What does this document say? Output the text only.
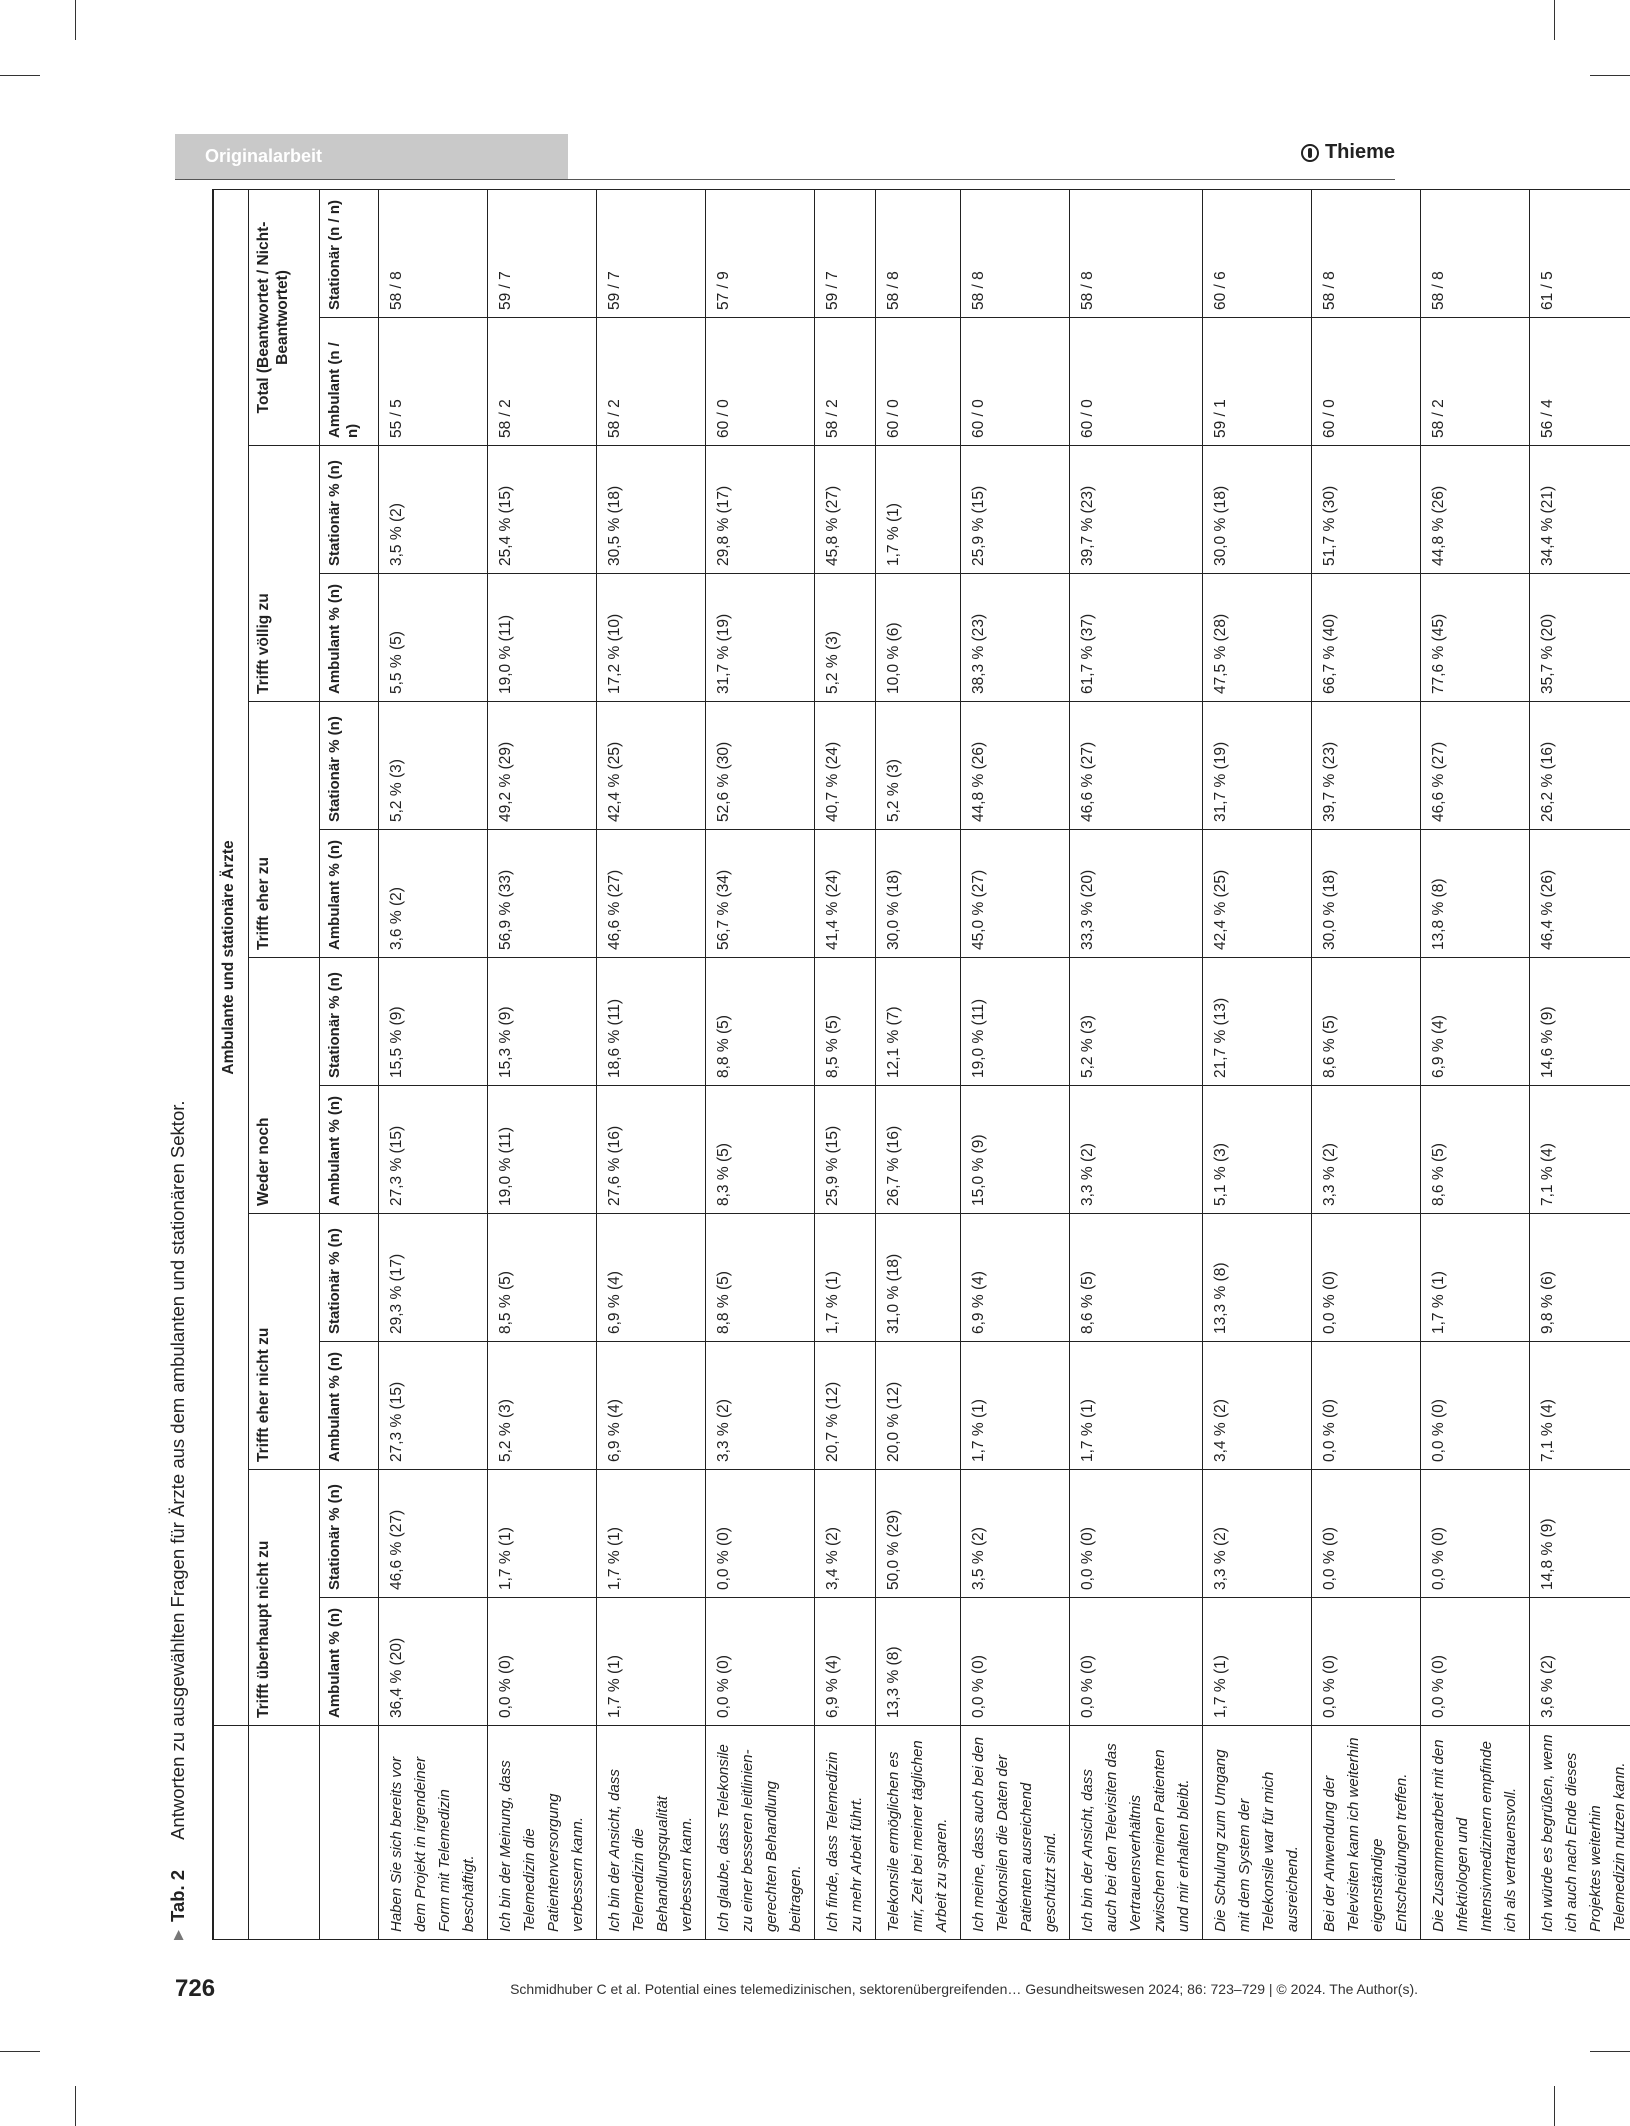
Originalarbeit	Thieme
▶
Tab. 2
Antworten zu ausgewählten Fragen für Ärzte aus dem ambulanten und stationären Sektor.
	Ambulante und stationäre Ärzte											
	Trifft überhaupt nicht zu		Trifft eher nicht zu		Weder noch		Trifft eher zu		Trifft völlig zu		Total (Beantwortet / Nicht-Beantwortet)	
	Ambulant % (n)	Stationär % (n)	Ambulant % (n)	Stationär % (n)	Ambulant % (n)	Stationär % (n)	Ambulant % (n)	Stationär % (n)	Ambulant % (n)	Stationär % (n)	Ambulant (n / n)	Stationär (n / n)
Haben Sie sich bereits vor dem Projekt in irgendeiner Form mit Telemedizin beschäftigt.	36,4 % (20)	46,6 % (27)	27,3 % (15)	29,3 % (17)	27,3 % (15)	15,5 % (9)	3,6 % (2)	5,2 % (3)	5,5 % (5)	3,5 % (2)	55 / 5	58 / 8
Ich bin der Meinung, dass Telemedizin die Patientenversorgung verbessern kann.	0,0 % (0)	1,7 % (1)	5,2 % (3)	8,5 % (5)	19,0 % (11)	15,3 % (9)	56,9 % (33)	49,2 % (29)	19,0 % (11)	25,4 % (15)	58 / 2	59 / 7
Ich bin der Ansicht, dass Telemedizin die Behandlungsqualität verbessern kann.	1,7 % (1)	1,7 % (1)	6,9 % (4)	6,9 % (4)	27,6 % (16)	18,6 % (11)	46,6 % (27)	42,4 % (25)	17,2 % (10)	30,5 % (18)	58 / 2	59 / 7
Ich glaube, dass Telekonsile zu einer besseren leitliniengerechten Behandlung beitragen.	0,0 % (0)	0,0 % (0)	3,3 % (2)	8,8 % (5)	8,3 % (5)	8,8 % (5)	56,7 % (34)	52,6 % (30)	31,7 % (19)	29,8 % (17)	60 / 0	57 / 9
Ich finde, dass Telemedizin zu mehr Arbeit führt.	6,9 % (4)	3,4 % (2)	20,7 % (12)	1,7 % (1)	25,9 % (15)	8,5 % (5)	41,4 % (24)	40,7 % (24)	5,2 % (3)	45,8 % (27)	58 / 2	59 / 7
Telekonsile ermöglichen es mir, Zeit bei meiner täglichen Arbeit zu sparen.	13,3 % (8)	50,0 % (29)	20,0 % (12)	31,0 % (18)	26,7 % (16)	12,1 % (7)	30,0 % (18)	5,2 % (3)	10,0 % (6)	1,7 % (1)	60 / 0	58 / 8
Ich meine, dass auch bei den Telekonsilen die Daten der Patienten ausreichend geschützt sind.	0,0 % (0)	3,5 % (2)	1,7 % (1)	6,9 % (4)	15,0 % (9)	19,0 % (11)	45,0 % (27)	44,8 % (26)	38,3 % (23)	25,9 % (15)	60 / 0	58 / 8
Ich bin der Ansicht, dass auch bei den Televisiten das Vertrauensverhältnis zwischen meinen Patienten und mir erhalten bleibt.	0,0 % (0)	0,0 % (0)	1,7 % (1)	8,6 % (5)	3,3 % (2)	5,2 % (3)	33,3 % (20)	46,6 % (27)	61,7 % (37)	39,7 % (23)	60 / 0	58 / 8
Die Schulung zum Umgang mit dem System der Telekonsile war für mich ausreichend.	1,7 % (1)	3,3 % (2)	3,4 % (2)	13,3 % (8)	5,1 % (3)	21,7 % (13)	42,4 % (25)	31,7 % (19)	47,5 % (28)	30,0 % (18)	59 / 1	60 / 6
Bei der Anwendung der Televisiten kann ich weiterhin eigenständige Entscheidungen treffen.	0,0 % (0)	0,0 % (0)	0,0 % (0)	0,0 % (0)	3,3 % (2)	8,6 % (5)	30,0 % (18)	39,7 % (23)	66,7 % (40)	51,7 % (30)	60 / 0	58 / 8
Die Zusammenarbeit mit den Infektiologen und Intensivmedizinern empfinde ich als vertrauensvoll.	0,0 % (0)	0,0 % (0)	0,0 % (0)	1,7 % (1)	8,6 % (5)	6,9 % (4)	13,8 % (8)	46,6 % (27)	77,6 % (45)	44,8 % (26)	58 / 2	58 / 8
Ich würde es begrüßen, wenn ich auch nach Ende dieses Projektes weiterhin Telemedizin nutzen kann.	3,6 % (2)	14,8 % (9)	7,1 % (4)	9,8 % (6)	7,1 % (4)	14,6 % (9)	46,4 % (26)	26,2 % (16)	35,7 % (20)	34,4 % (21)	56 / 4	61 / 5
726	Schmidhuber C et al. Potential eines telemedizinischen, sektorenübergreifenden… Gesundheitswesen 2024; 86: 723–729 | © 2024. The Author(s).
